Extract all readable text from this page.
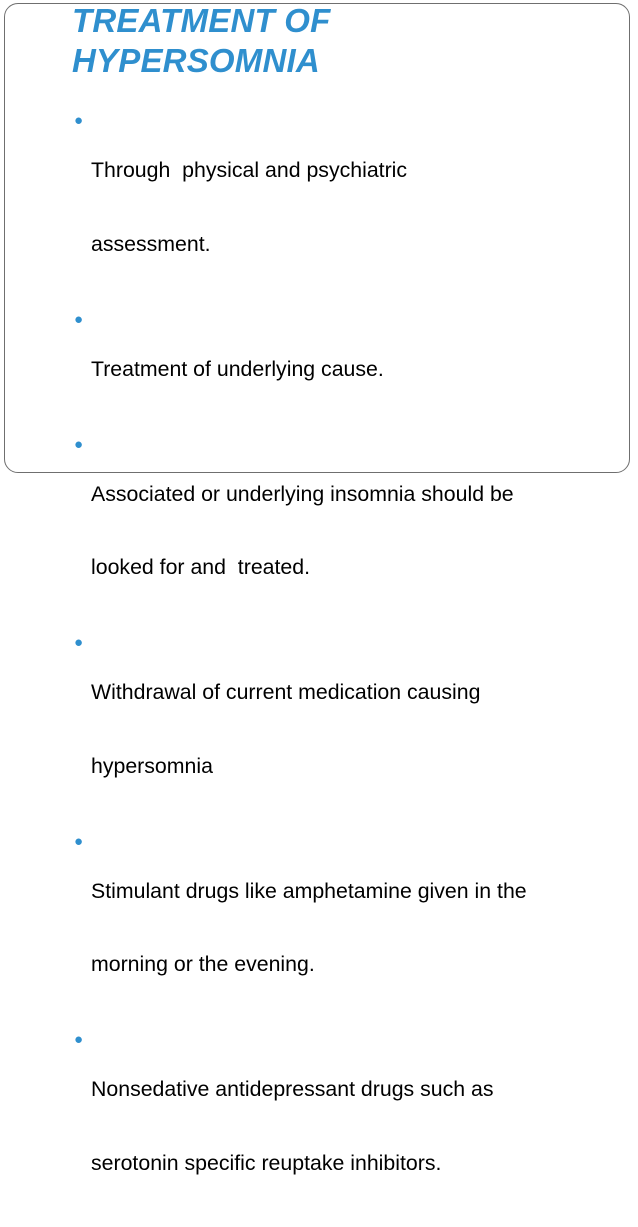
TREATMENT OF
HYPERSOMNIA
●

Through  physical and psychiatric

assessment.

●

Treatment of underlying cause.

●

Associated or underlying insomnia should be

looked for and  treated.

●

Withdrawal of current medication causing

hypersomnia

●

Stimulant drugs like amphetamine given in the

morning or the evening.

●

Nonsedative antidepressant drugs such as

serotonin specific reuptake inhibitors.
